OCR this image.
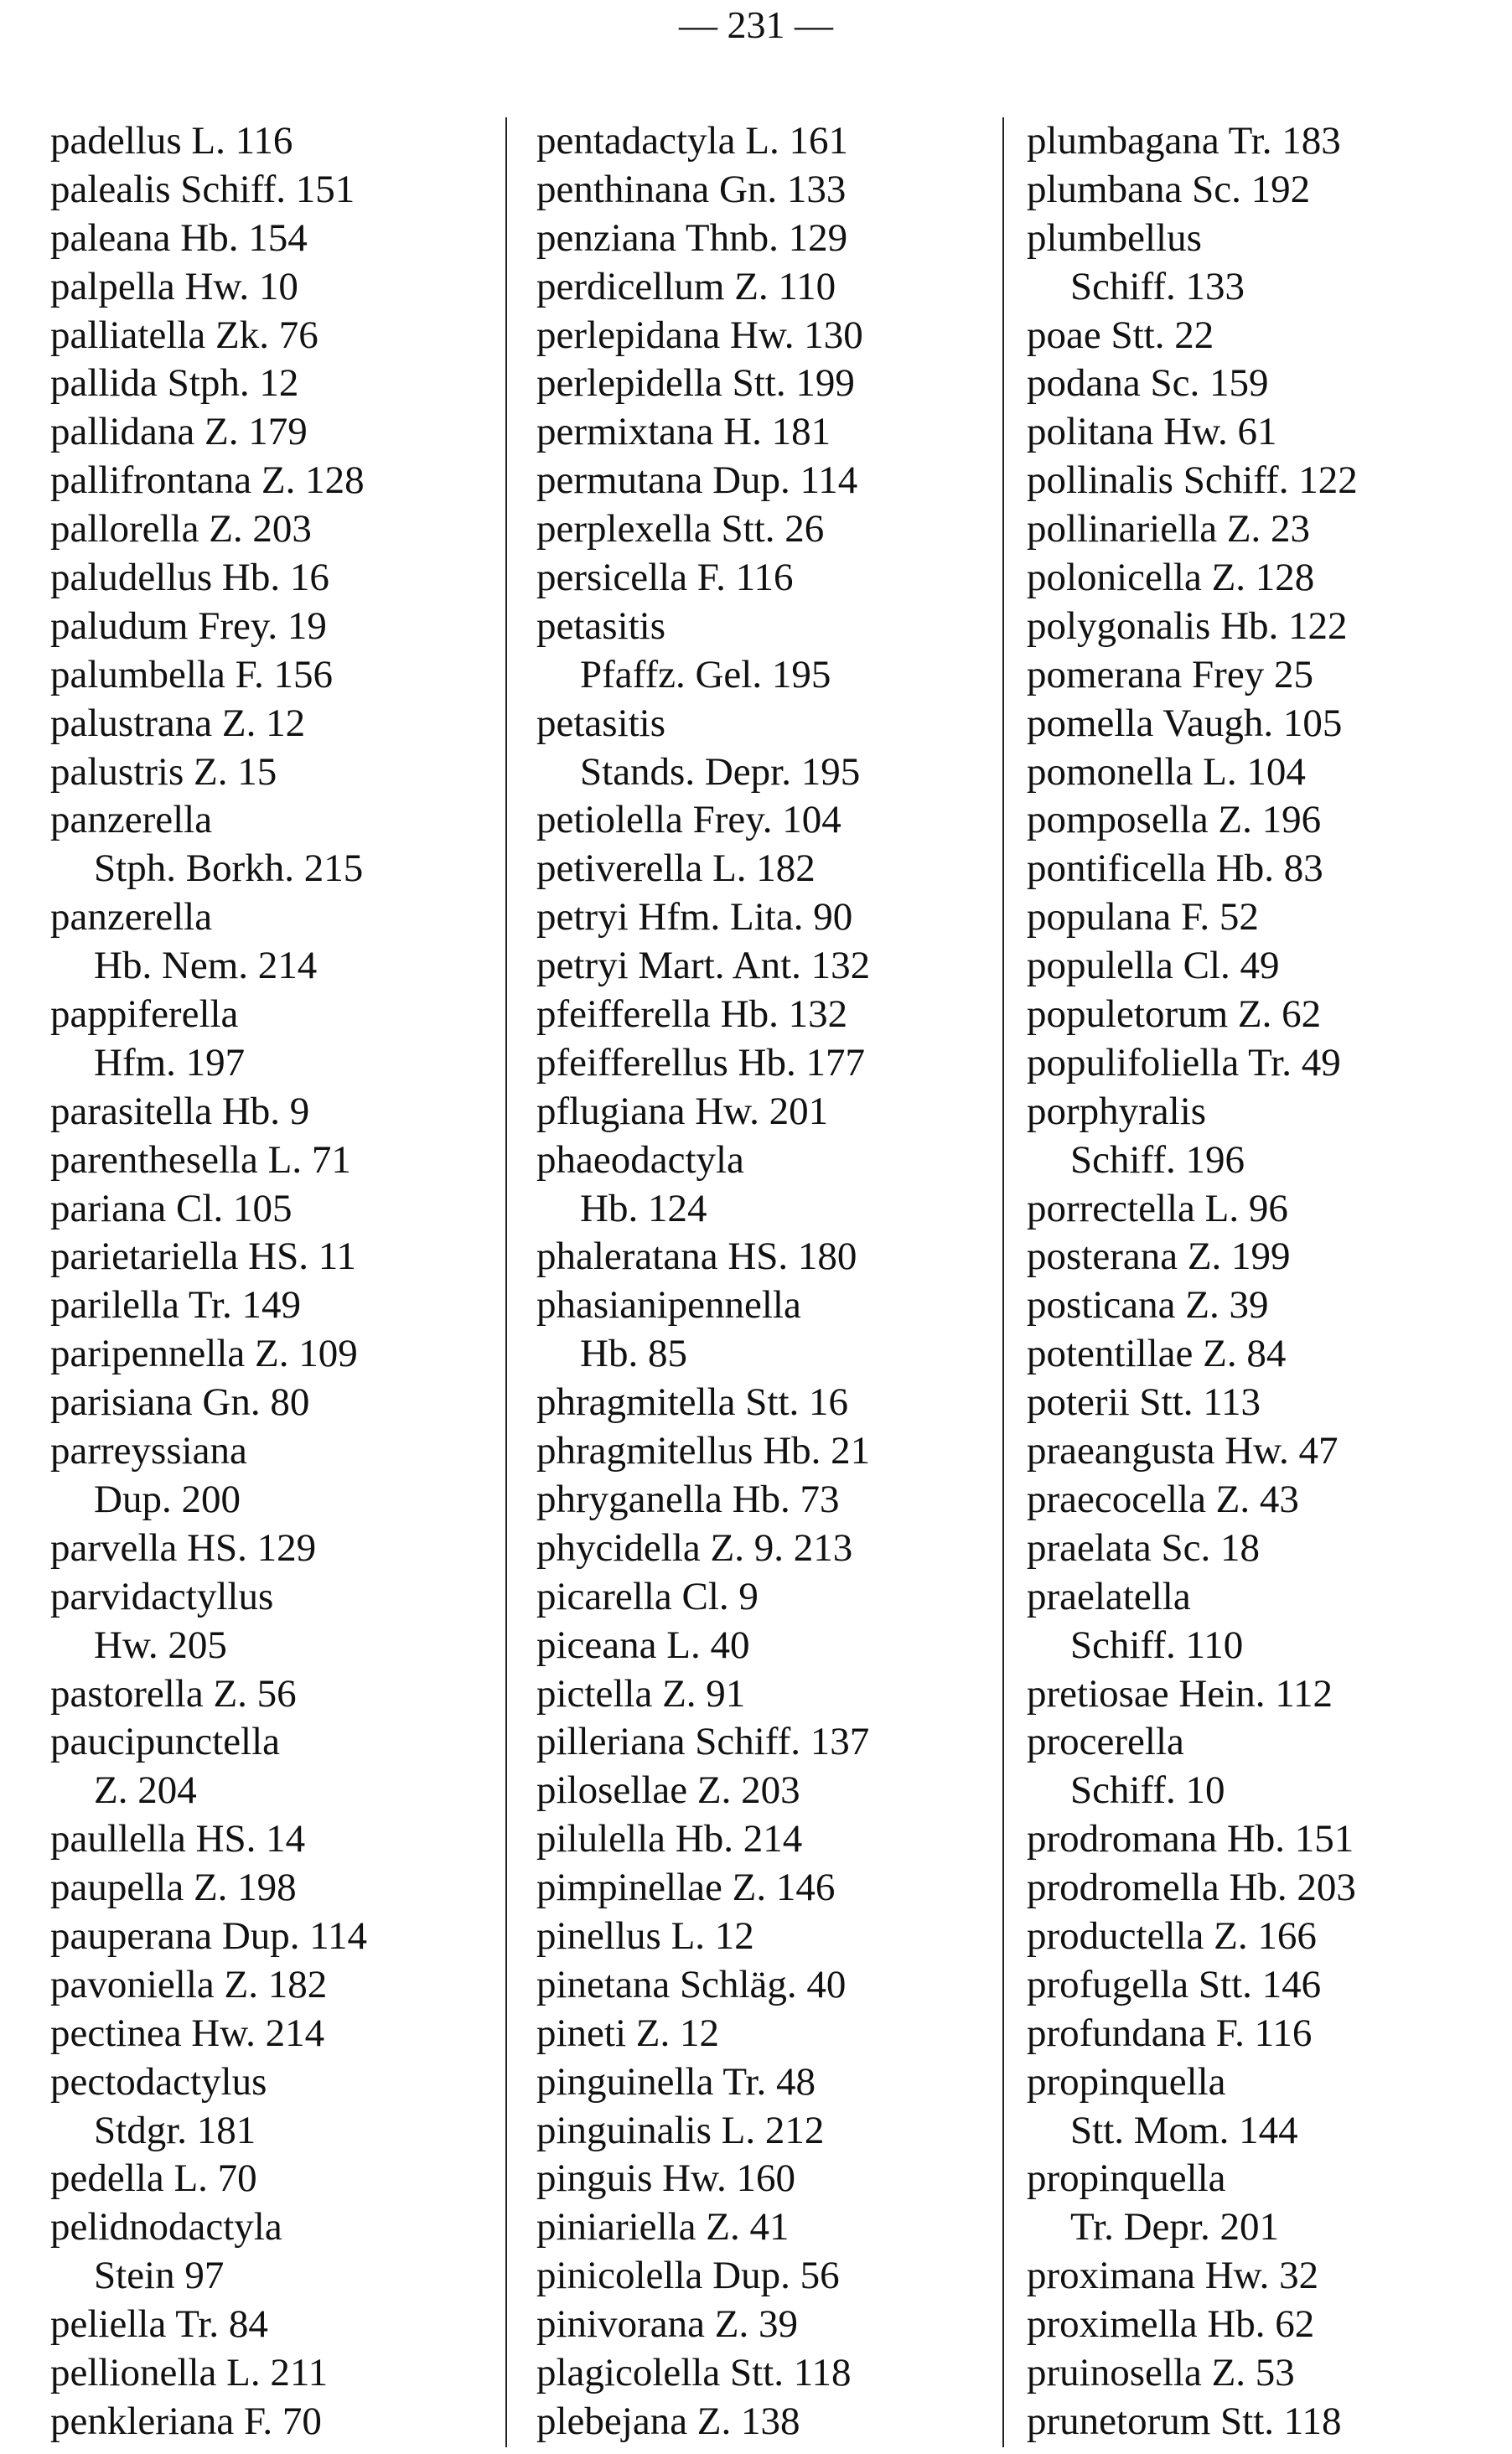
— 231 —
padellus L. 116
palealis Schiff. 151
paleana Hb. 154
palpella Hw. 10
palliatella Zk. 76
pallida Stph. 12
pallidana Z. 179
pallifrontana Z. 128
pallorella Z. 203
paludellus Hb. 16
paludum Frey. 19
palumbella F. 156
palustrana Z. 12
palustris Z. 15
panzerella
Stph. Borkh. 215
panzerella
Hb. Nem. 214
pappiferella
Hfm. 197
parasitella Hb. 9
parenthesella L. 71
pariana Cl. 105
parietariella HS. 11
parilella Tr. 149
paripennella Z. 109
parisiana Gn. 80
parreyssiana
Dup. 200
parvella HS. 129
parvidactyllus
Hw. 205
pastorella Z. 56
paucipunctella
Z. 204
paullella HS. 14
paupella Z. 198
pauperana Dup. 114
pavoniella Z. 182
pectinea Hw. 214
pectodactylus
Stdgr. 181
pedella L. 70
pelidnodactyla
Stein 97
peliella Tr. 84
pellionella L. 211
penkleriana F. 70
pentadactyla L. 161
penthinana Gn. 133
penziana Thnb. 129
perdicellum Z. 110
perlepidana Hw. 130
perlepidella Stt. 199
permixtana H. 181
permutana Dup. 114
perplexella Stt. 26
persicella F. 116
petasitis
Pfaffz. Gel. 195
petasitis
Stands. Depr. 195
petiolella Frey. 104
petiverella L. 182
petryi Hfm. Lita. 90
petryi Mart. Ant. 132
pfeifferella Hb. 132
pfeifferellus Hb. 177
pflugiana Hw. 201
phaeodactyla
Hb. 124
phaleratana HS. 180
phasianipennella
Hb. 85
phragmitella Stt. 16
phragmitellus Hb. 21
phryganella Hb. 73
phycidella Z. 9. 213
picarella Cl. 9
piceana L. 40
pictella Z. 91
pilleriana Schiff. 137
pilosellae Z. 203
pilulella Hb. 214
pimpinellae Z. 146
pinellus L. 12
pinetana Schläg. 40
pineti Z. 12
pinguinella Tr. 48
pinguinalis L. 212
pinguis Hw. 160
piniariella Z. 41
pinicolella Dup. 56
pinivorana Z. 39
plagicolella Stt. 118
plebejana Z. 138
plumbagana Tr. 183
plumbana Sc. 192
plumbellus
Schiff. 133
poae Stt. 22
podana Sc. 159
politana Hw. 61
pollinalis Schiff. 122
pollinariella Z. 23
polonicella Z. 128
polygonalis Hb. 122
pomerana Frey 25
pomella Vaugh. 105
pomonella L. 104
pomposella Z. 196
pontificella Hb. 83
populana F. 52
populella Cl. 49
populetorum Z. 62
populifoliella Tr. 49
porphyralis
Schiff. 196
porrectella L. 96
posterana Z. 199
posticana Z. 39
potentillae Z. 84
poterii Stt. 113
praeangusta Hw. 47
praecocella Z. 43
praelata Sc. 18
praelatella
Schiff. 110
pretiosae Hein. 112
procerella
Schiff. 10
prodromana Hb. 151
prodromella Hb. 203
productella Z. 166
profugella Stt. 146
profundana F. 116
propinquella
Stt. Mom. 144
propinquella
Tr. Depr. 201
proximana Hw. 32
proximella Hb. 62
pruinosella Z. 53
prunetorum Stt. 118
